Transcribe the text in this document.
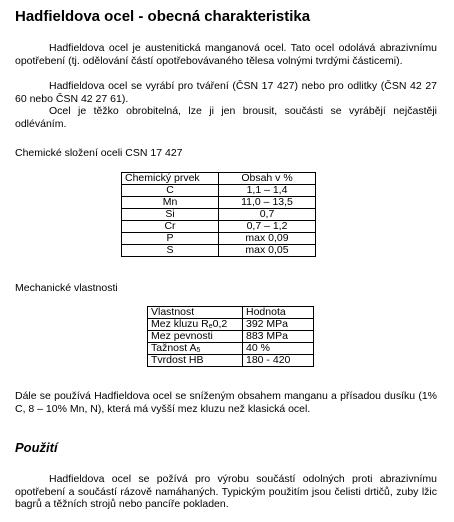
Hadfieldova ocel - obecná charakteristika
Hadfieldova ocel je austenitická manganová ocel. Tato ocel odolává abrazivnímu opotřebení (tj. odělování částí opotřebovávaného tělesa volnými tvrdými částicemi).
Hadfieldova ocel se vyrábí pro tváření (ČSN 17 427) nebo pro odlitky (ČSN 42 27 60 nebo ČSN 42 27 61).
Ocel je těžko obrobitelná, lze ji jen brousit, součásti se vyrábějí nejčastěji odléváním.
Chemické složení oceli CSN 17 427
Chemický prvek	Obsah v %
C	1,1 – 1,4
Mn	11,0 – 13,5
Si	0,7
Cr	0,7 – 1,2
P	max 0,09
S	max 0,05
Mechanické vlastnosti
Vlastnost	Hodnota
Mez kluzu $R_e0,2$	392 MPa
Mez pevnosti	883 MPa
Tažnost $A_5$	40 %
Tvrdost HB	180 - 420
Dále se používá Hadfieldova ocel se sníženým obsahem manganu a přísadou dusíku (1% C, 8 – 10% Mn, N), která má vyšší mez kluzu než klasická ocel.
Použití
Hadfieldova ocel se požívá pro výrobu součástí odolných proti abrazivnímu opotřebení a součástí rázově namáhaných. Typickým použitím jsou čelisti drtičů, zuby lžic bagrů a těžních strojů nebo pancíře pokladen.
